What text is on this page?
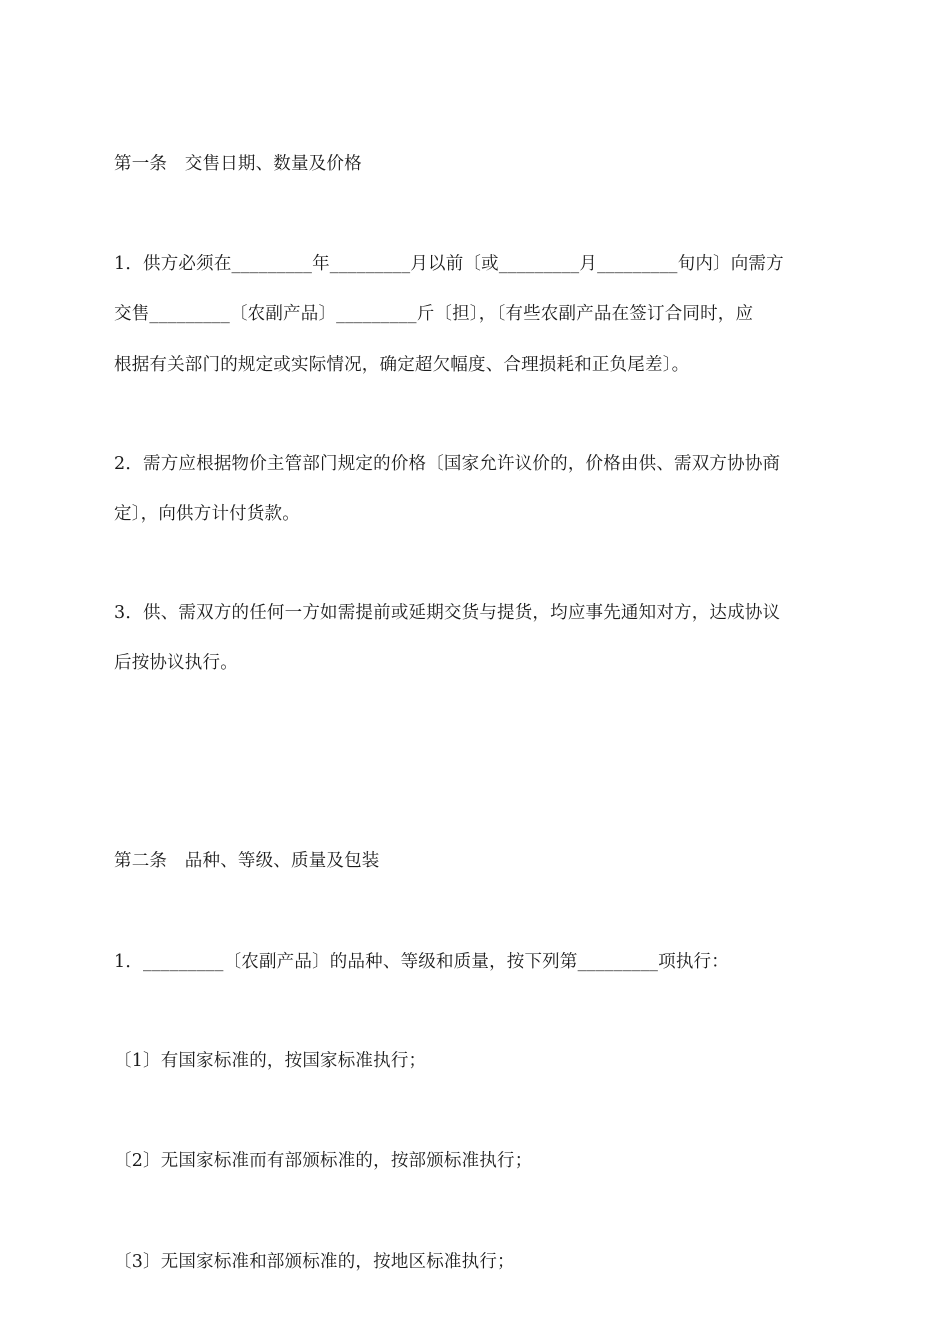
第一条　交售日期、数量及价格
1．供方必须在_________年_________月以前〔或_________月_________旬内〕向需方
交售_________〔农副产品〕_________斤〔担〕，〔有些农副产品在签订合同时，应
根据有关部门的规定或实际情况，确定超欠幅度、合理损耗和正负尾差〕。
2．需方应根据物价主管部门规定的价格〔国家允许议价的，价格由供、需双方协协商
定〕，向供方计付货款。
3．供、需双方的任何一方如需提前或延期交货与提货，均应事先通知对方，达成协议
后按协议执行。
第二条　品种、等级、质量及包装
1．_________〔农副产品〕的品种、等级和质量，按下列第_________项执行：
〔1〕有国家标准的，按国家标准执行；
〔2〕无国家标准而有部颁标准的，按部颁标准执行；
〔3〕无国家标准和部颁标准的，按地区标准执行；
